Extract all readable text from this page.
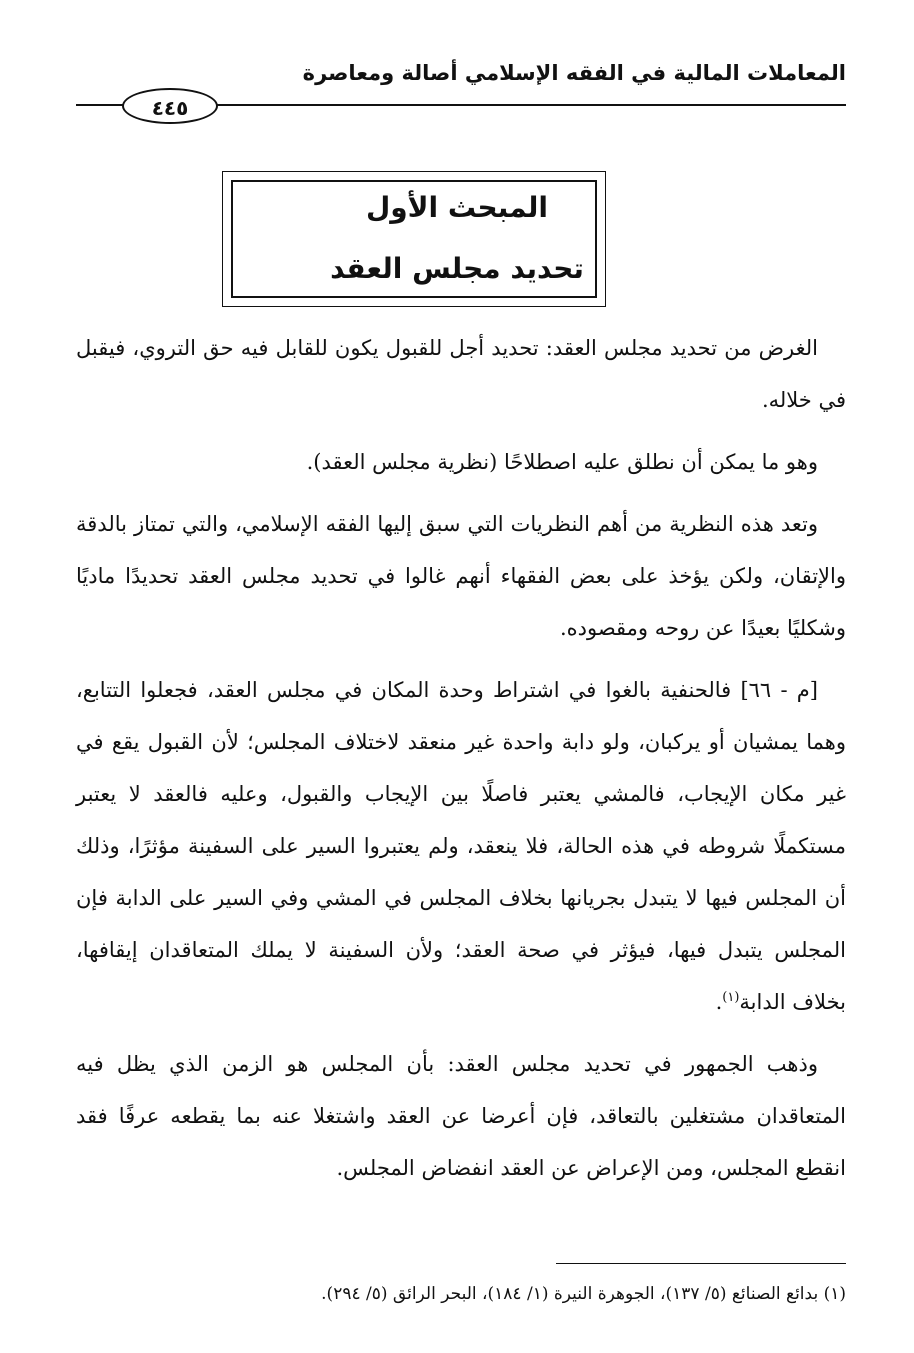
المعاملات المالية في الفقه الإسلامي أصالة ومعاصرة
٤٤٥
المبحث الأول
تحديد مجلس العقد

الغرض من تحديد مجلس العقد: تحديد أجل للقبول يكون للقابل فيه حق التروي، فيقبل في خلاله.

وهو ما يمكن أن نطلق عليه اصطلاحًا (نظرية مجلس العقد).

وتعد هذه النظرية من أهم النظريات التي سبق إليها الفقه الإسلامي، والتي تمتاز بالدقة والإتقان، ولكن يؤخذ على بعض الفقهاء أنهم غالوا في تحديد مجلس العقد تحديدًا ماديًا وشكليًا بعيدًا عن روحه ومقصوده.

[م - ٦٦] فالحنفية بالغوا في اشتراط وحدة المكان في مجلس العقد، فجعلوا التتابع، وهما يمشيان أو يركبان، ولو دابة واحدة غير منعقد لاختلاف المجلس؛ لأن القبول يقع في غير مكان الإيجاب، فالمشي يعتبر فاصلًا بين الإيجاب والقبول، وعليه فالعقد لا يعتبر مستكملًا شروطه في هذه الحالة، فلا ينعقد، ولم يعتبروا السير على السفينة مؤثرًا، وذلك أن المجلس فيها لا يتبدل بجريانها بخلاف المجلس في المشي وفي السير على الدابة فإن المجلس يتبدل فيها، فيؤثر في صحة العقد؛ ولأن السفينة لا يملك المتعاقدان إيقافها، بخلاف الدابة$^{(١)}$.

وذهب الجمهور في تحديد مجلس العقد: بأن المجلس هو الزمن الذي يظل فيه المتعاقدان مشتغلين بالتعاقد، فإن أعرضا عن العقد واشتغلا عنه بما يقطعه عرفًا فقد انقطع المجلس، ومن الإعراض عن العقد انفضاض المجلس.

(١) بدائع الصنائع (٥/ ١٣٧)، الجوهرة النيرة (١/ ١٨٤)، البحر الرائق (٥/ ٢٩٤).
